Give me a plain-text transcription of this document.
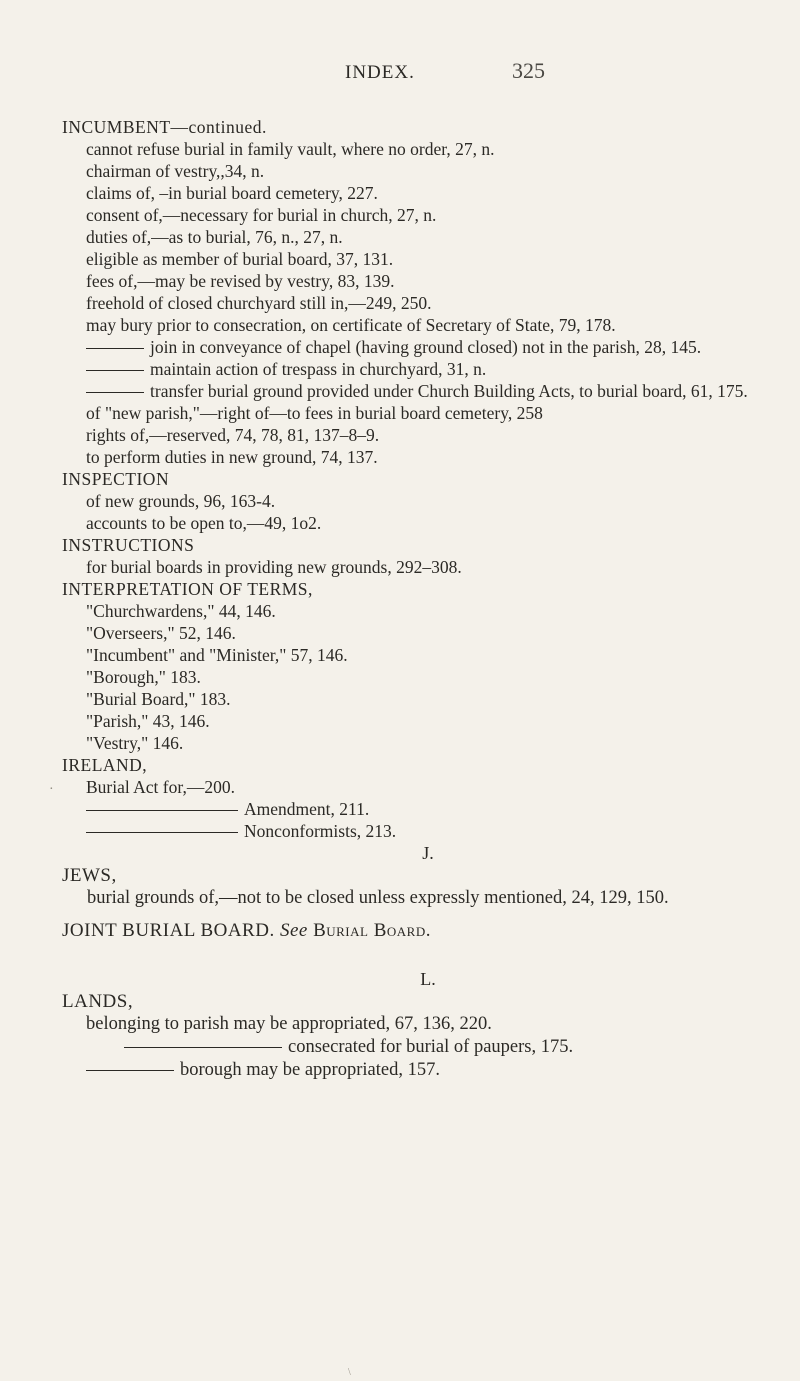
INDEX.	325

INCUMBENT—continued.

cannot refuse burial in family vault, where no order, 27, n.

chairman of vestry,,34, n.

claims of, –in burial board cemetery, 227.

consent of,—necessary for burial in church, 27, n.

duties of,—as to burial, 76, n., 27, n.

eligible as member of burial board, 37, 131.

fees of,—may be revised by vestry, 83, 139.

freehold of closed churchyard still in,—249, 250.

may bury prior to consecration, on certificate of Secretary of State, 79, 178.

join in conveyance of chapel (having ground closed) not in the parish, 28, 145.

maintain action of trespass in churchyard, 31, n.

transfer burial ground provided under Church Building Acts, to burial board, 61, 175.

of "new parish,"—right of—to fees in burial board cemetery, 258

rights of,—reserved, 74, 78, 81, 137–8–9.

to perform duties in new ground, 74, 137.

INSPECTION

of new grounds, 96, 163-4.

accounts to be open to,—49, 1o2.

INSTRUCTIONS

for burial boards in providing new grounds, 292–308.

INTERPRETATION OF TERMS,

"Churchwardens," 44, 146.

"Overseers," 52, 146.

"Incumbent" and "Minister," 57, 146.

"Borough," 183.

"Burial Board," 183.

"Parish," 43, 146.

"Vestry," 146.

IRELAND,

Burial Act for,—200.

Amendment, 211.

Nonconformists, 213.

J.

JEWS,

burial grounds of,—not to be closed unless expressly mentioned, 24, 129, 150.

JOINT BURIAL BOARD. See Burial Board.

L.

LANDS,

belonging to parish may be appropriated, 67, 136, 220.

consecrated for burial of paupers, 175.

borough may be appropriated, 157.

·
\
